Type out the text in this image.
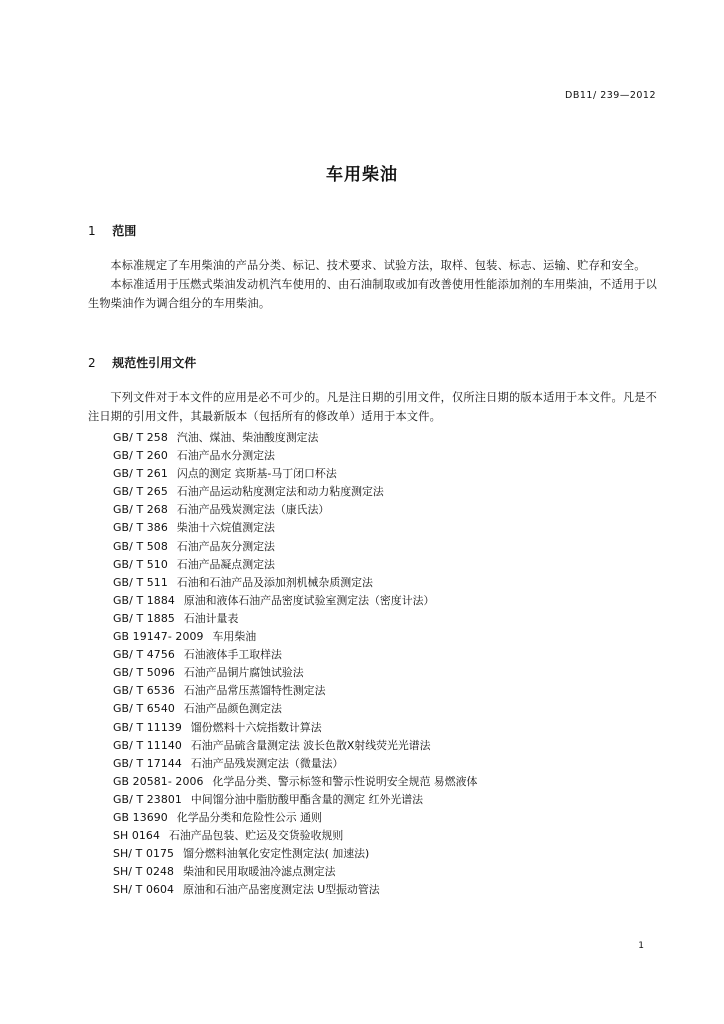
DB11/ 239—2012
车用柴油
1 范围

本标准规定了车用柴油的产品分类、标记、技术要求、试验方法，取样、包装、标志、运输、贮存和安全。

本标准适用于压燃式柴油发动机汽车使用的、由石油制取或加有改善使用性能添加剂的车用柴油，不适用于以生物柴油作为调合组分的车用柴油。

2 规范性引用文件

下列文件对于本文件的应用是必不可少的。凡是注日期的引用文件，仅所注日期的版本适用于本文件。凡是不注日期的引用文件，其最新版本（包括所有的修改单）适用于本文件。

GB/ T 258 汽油、煤油、柴油酸度测定法
GB/ T 260 石油产品水分测定法
GB/ T 261 闪点的测定 宾斯基-马丁闭口杯法
GB/ T 265 石油产品运动粘度测定法和动力粘度测定法
GB/ T 268 石油产品残炭测定法（康氏法）
GB/ T 386 柴油十六烷值测定法
GB/ T 508 石油产品灰分测定法
GB/ T 510 石油产品凝点测定法
GB/ T 511 石油和石油产品及添加剂机械杂质测定法
GB/ T 1884 原油和液体石油产品密度试验室测定法（密度计法）
GB/ T 1885 石油计量表
GB 19147- 2009 车用柴油
GB/ T 4756 石油液体手工取样法
GB/ T 5096 石油产品铜片腐蚀试验法
GB/ T 6536 石油产品常压蒸馏特性测定法
GB/ T 6540 石油产品颜色测定法
GB/ T 11139 馏份燃料十六烷指数计算法
GB/ T 11140 石油产品硫含量测定法 波长色散X射线荧光光谱法
GB/ T 17144 石油产品残炭测定法（微量法）
GB 20581- 2006 化学品分类、警示标签和警示性说明安全规范 易燃液体
GB/ T 23801 中间馏分油中脂肪酸甲酯含量的测定 红外光谱法
GB 13690 化学品分类和危险性公示 通则
SH 0164 石油产品包装、贮运及交货验收规则
SH/ T 0175 馏分燃料油氧化安定性测定法( 加速法)
SH/ T 0248 柴油和民用取暖油冷滤点测定法
SH/ T 0604 原油和石油产品密度测定法 U型振动管法
1
